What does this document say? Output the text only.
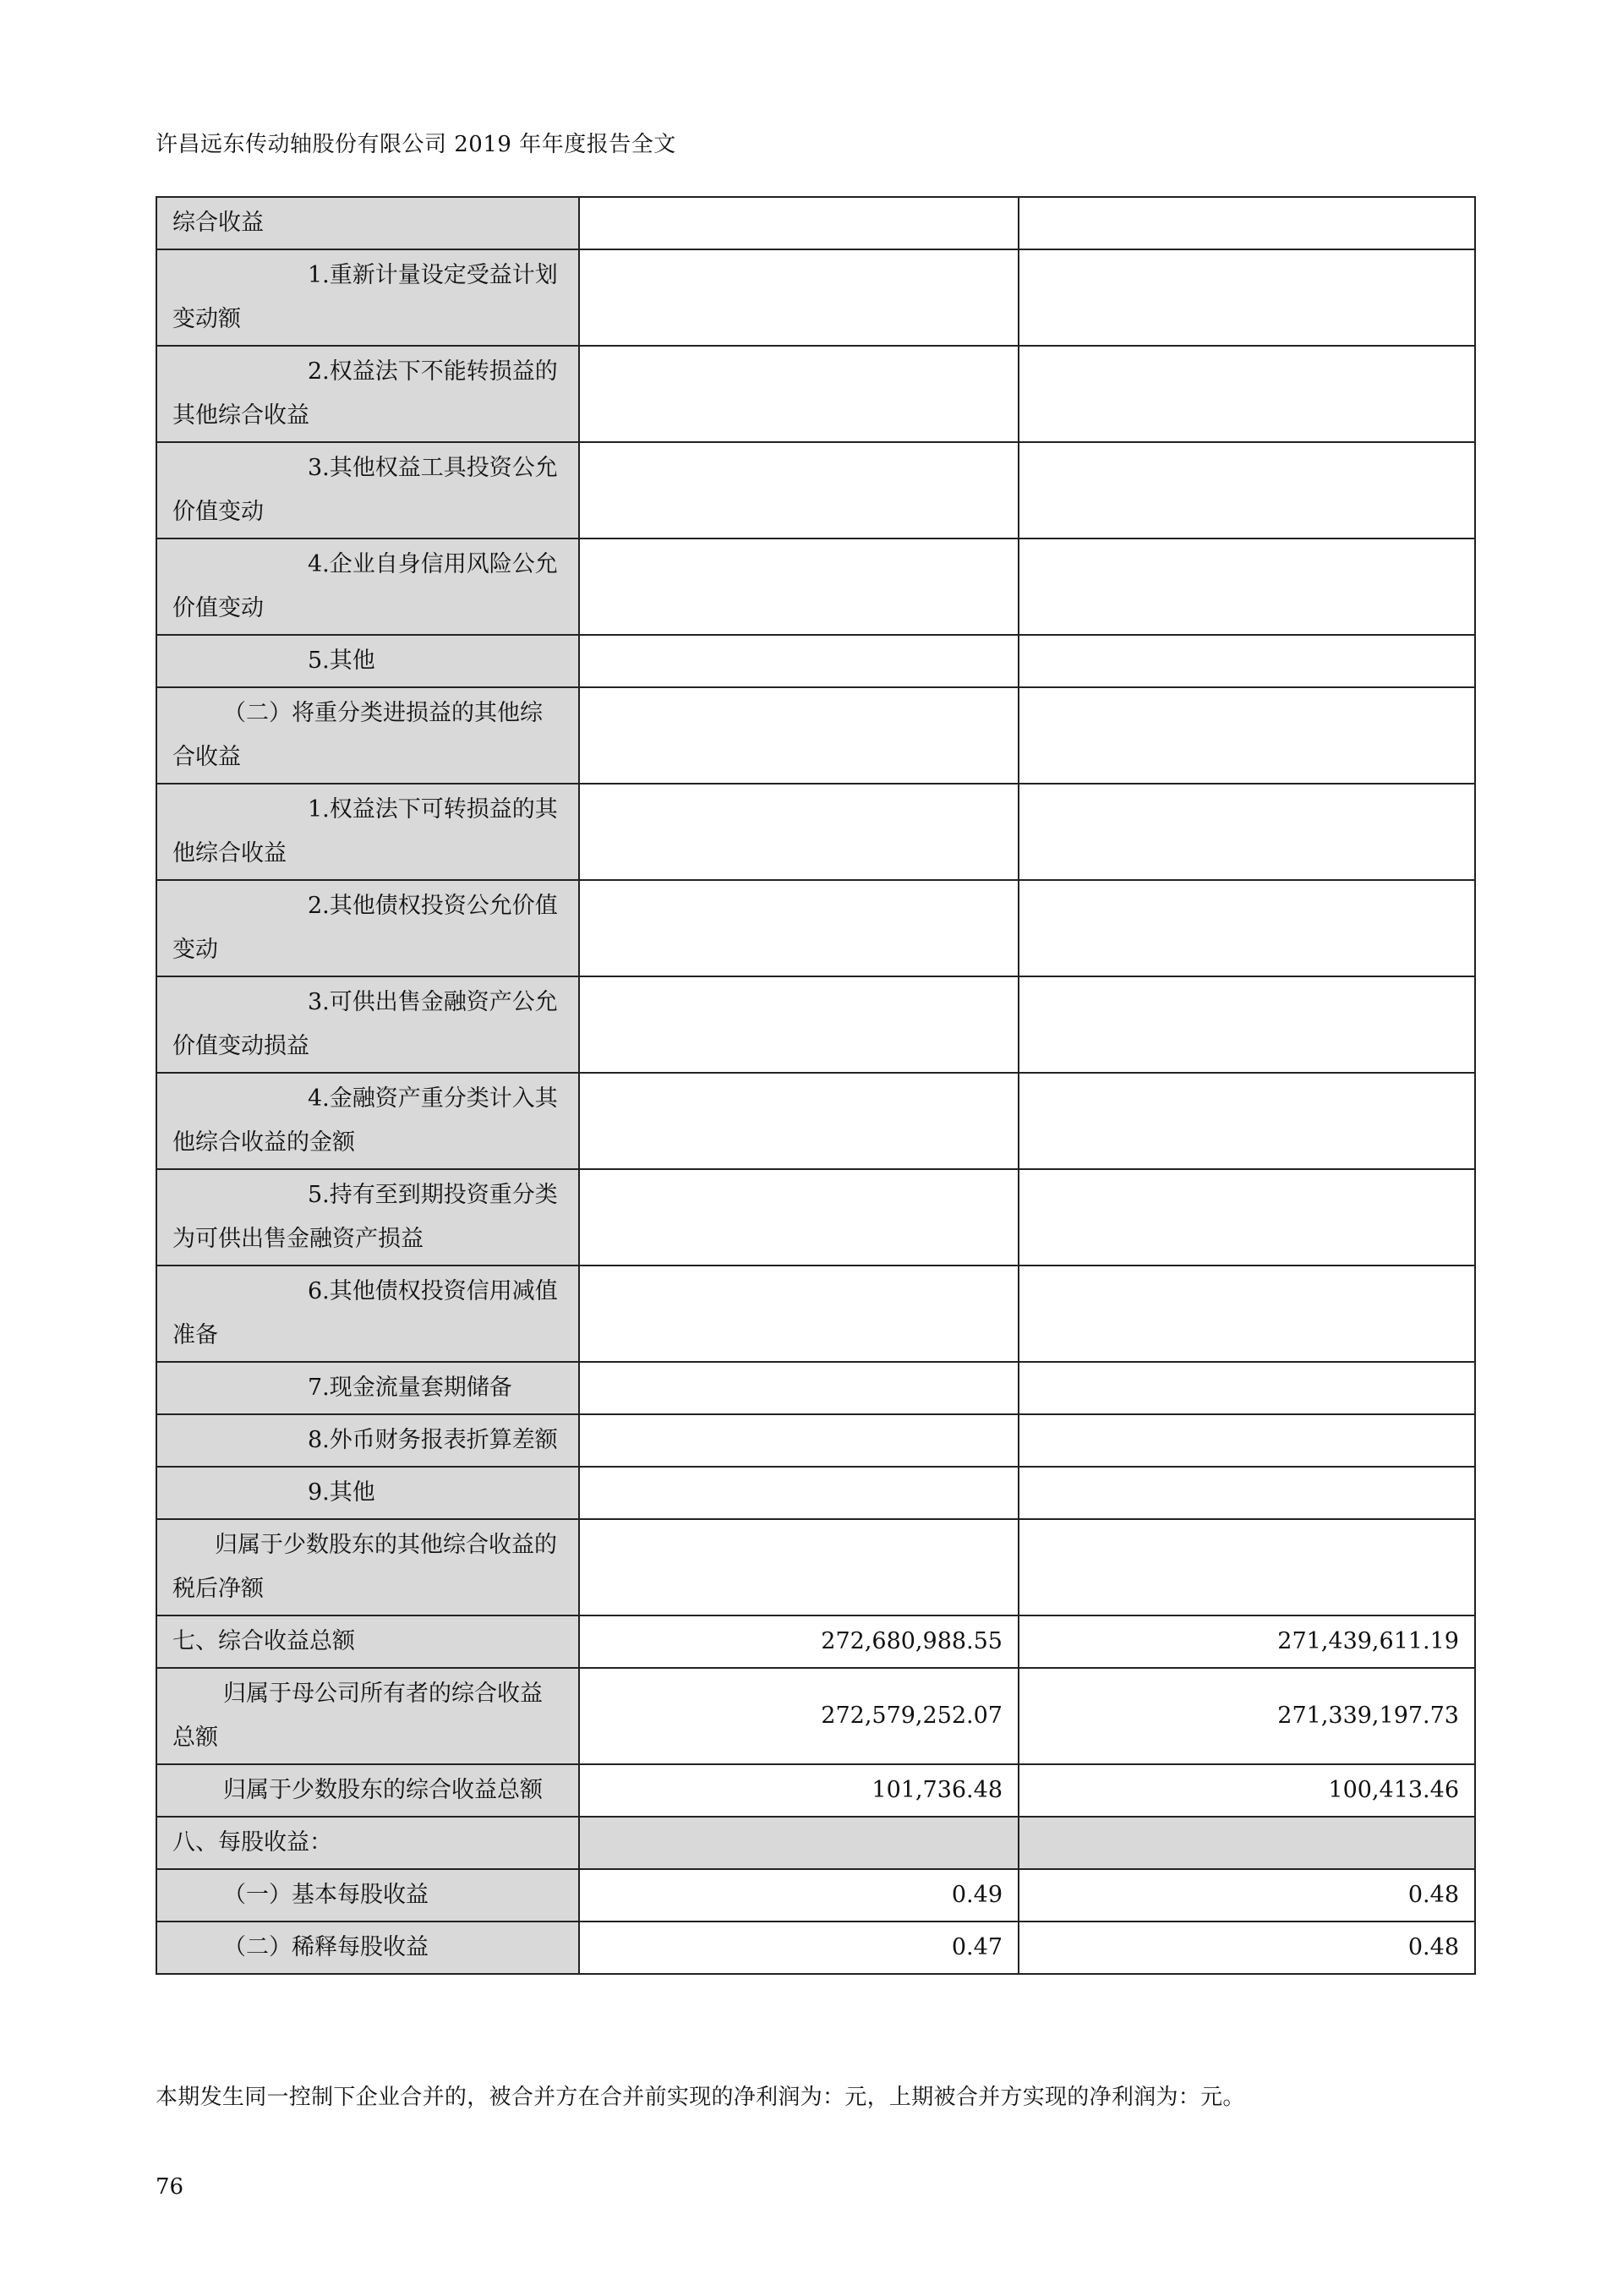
许昌远东传动轴股份有限公司 2019 年年度报告全文
综合收益		
1.重新计量设定受益计划变动额		
2.权益法下不能转损益的其他综合收益		
3.其他权益工具投资公允价值变动		
4.企业自身信用风险公允价值变动		
5.其他		
（二）将重分类进损益的其他综合收益		
1.权益法下可转损益的其他综合收益		
2.其他债权投资公允价值变动		
3.可供出售金融资产公允价值变动损益		
4.金融资产重分类计入其他综合收益的金额		
5.持有至到期投资重分类为可供出售金融资产损益		
6.其他债权投资信用减值准备		
7.现金流量套期储备		
8.外币财务报表折算差额		
9.其他		
归属于少数股东的其他综合收益的税后净额		
七、综合收益总额	272,680,988.55	271,439,611.19
归属于母公司所有者的综合收益总额	272,579,252.07	271,339,197.73
归属于少数股东的综合收益总额	101,736.48	100,413.46
八、每股收益：		
（一）基本每股收益	0.49	0.48
（二）稀释每股收益	0.47	0.48
本期发生同一控制下企业合并的，被合并方在合并前实现的净利润为：元，上期被合并方实现的净利润为：元。
76
